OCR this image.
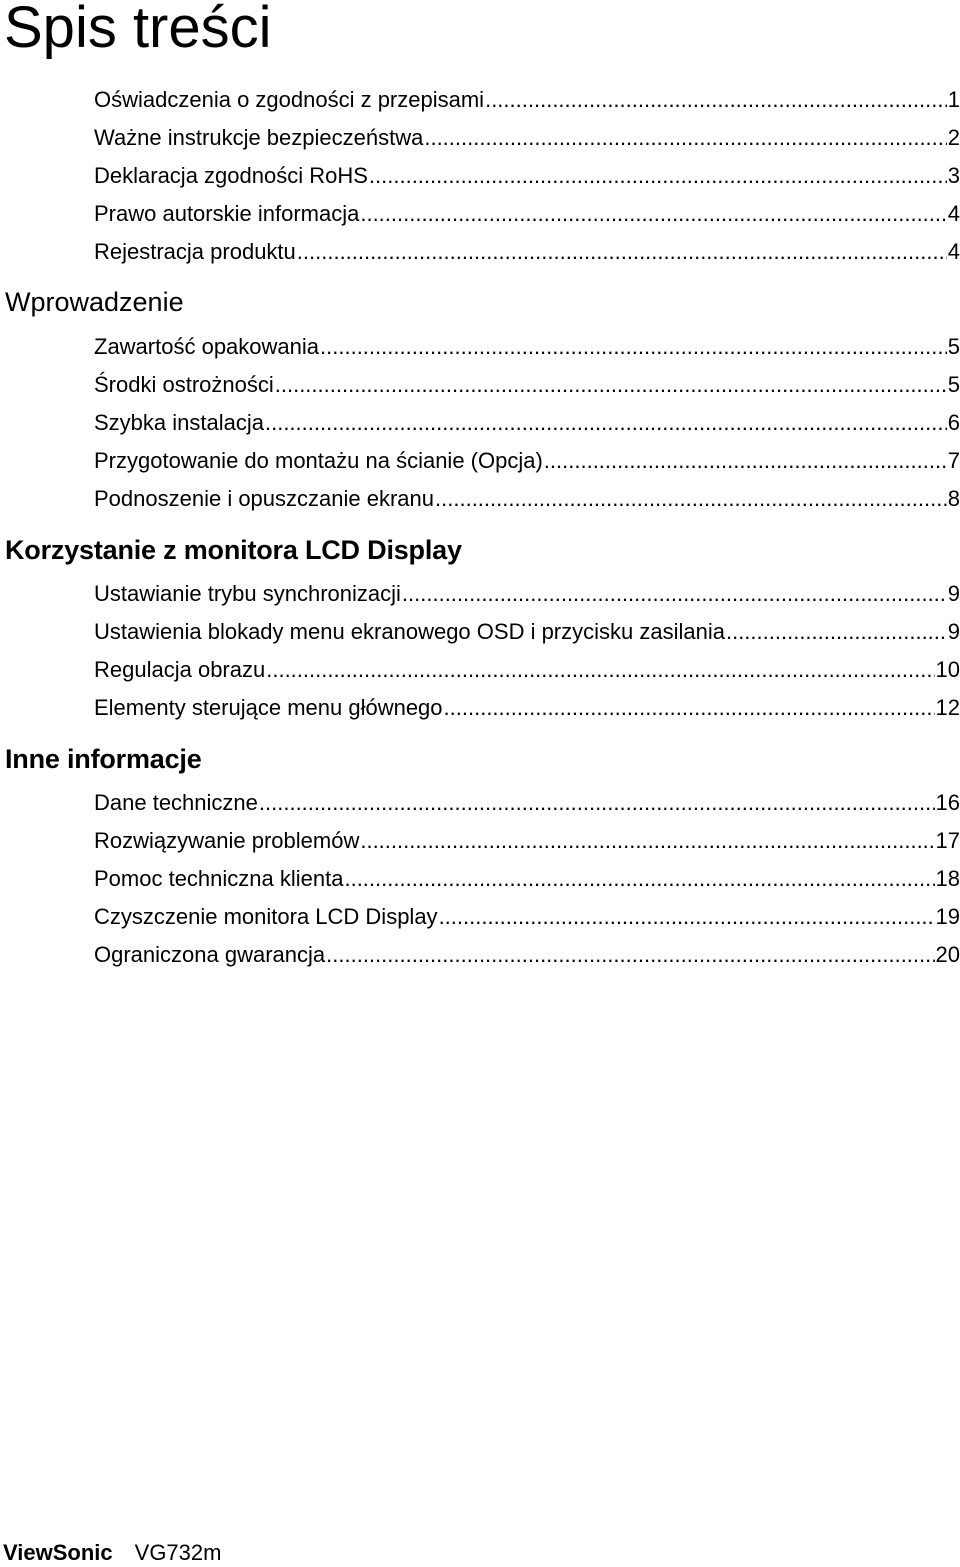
Spis treści
Oświadczenia o zgodności z przepisami .....	1
Ważne instrukcje bezpieczeństwa .....	2
Deklaracja zgodności RoHS .....	3
Prawo autorskie informacja .....	4
Rejestracja produktu .....	4
Wprowadzenie
Zawartość opakowania .....	5
Środki ostrożności .....	5
Szybka instalacja .....	6
Przygotowanie do montażu na ścianie (Opcja) .....	7
Podnoszenie i opuszczanie ekranu .....	8
Korzystanie z monitora LCD Display
Ustawianie trybu synchronizacji .....	9
Ustawienia blokady menu ekranowego OSD i przycisku zasilania .....	9
Regulacja obrazu .....	10
Elementy sterujące menu głównego .....	12
Inne informacje
Dane techniczne .....	16
Rozwiązywanie problemów .....	17
Pomoc techniczna klienta .....	18
Czyszczenie monitora LCD Display .....	19
Ograniczona gwarancja .....	20
ViewSonic VG732m
